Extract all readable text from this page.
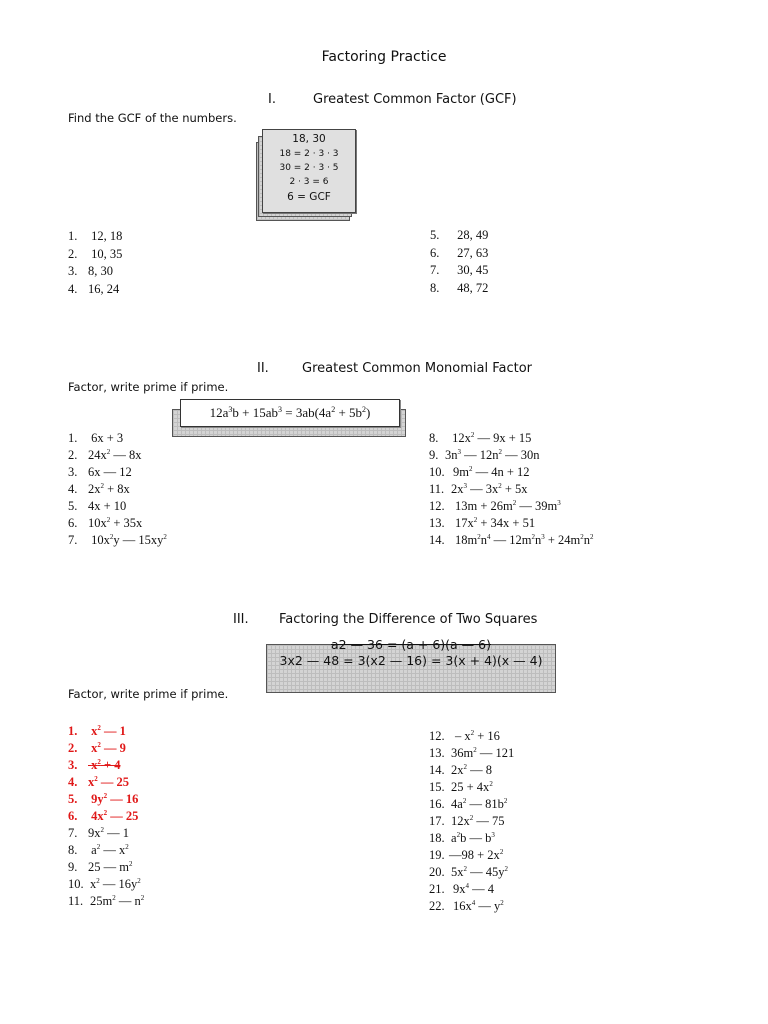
Factoring Practice
I.	Greatest Common Factor (GCF)
Find the GCF of the numbers.
18, 30
18 = 2 · 3 · 3
30 = 2 · 3 · 5
2 · 3 = 6
6 = GCF
1. 12, 18
2. 10, 35
3. 8, 30
4. 16, 24
5. 28, 49
6. 27, 63
7. 30, 45
8. 48, 72
II.	Greatest Common Monomial Factor
Factor, write prime if prime.
$12a^3b + 15ab^3 = 3ab(4a^2 + 5b^2)$
1. 6x + 3
2. $24x^2$ — 8x
3. 6x — 12
4. $2x^2 + 8x$
5. 4x + 10
6. $10x^2 + 35x$
7. $10x^2y$ — $15xy^2$
8. $12x^2$ — 9x + 15
9. $3n^3$ — $12n^2$ — 30n
10. $9m^2$ — 4n + 12
11. $2x^3$ — $3x^2 + 5x$
12. $13m + 26m^2$ — $39m^3$
13. $17x^2 + 34x + 51$
14. $18m^2n^4$ — $12m^2n^3 + 24m^2n^2$
III. Factoring the Difference of Two Squares
a2 — 36 = (a + 6)(a — 6)
3x2 — 48 = 3(x2 — 16) = 3(x + 4)(x — 4)
Factor, write prime if prime.
1. $x^2$ — 1
2. $x^2$ — 9
3. $x^2 + 4$
4. $x^2$ — 25
5. $9y^2$ — 16
6. $4x^2$ — 25
7. $9x^2$ — 1
8. $a^2$ — $x^2$
9. 25 — $m^2$
10. $x^2$ — $16y^2$
11. $25m^2$ — $n^2$
12. – $x^2 + 16$
13. $36m^2$ — 121
14. $2x^2$ — 8
15. $25 + 4x^2$
16. $4a^2$ — $81b^2$
17. $12x^2$ — 75
18. $a^2b$ — $b^3$
19. —98 + $2x^2$
20. $5x^2$ — $45y^2$
21. $9x^4$ — 4
22. $16x^4$ — $y^2$
